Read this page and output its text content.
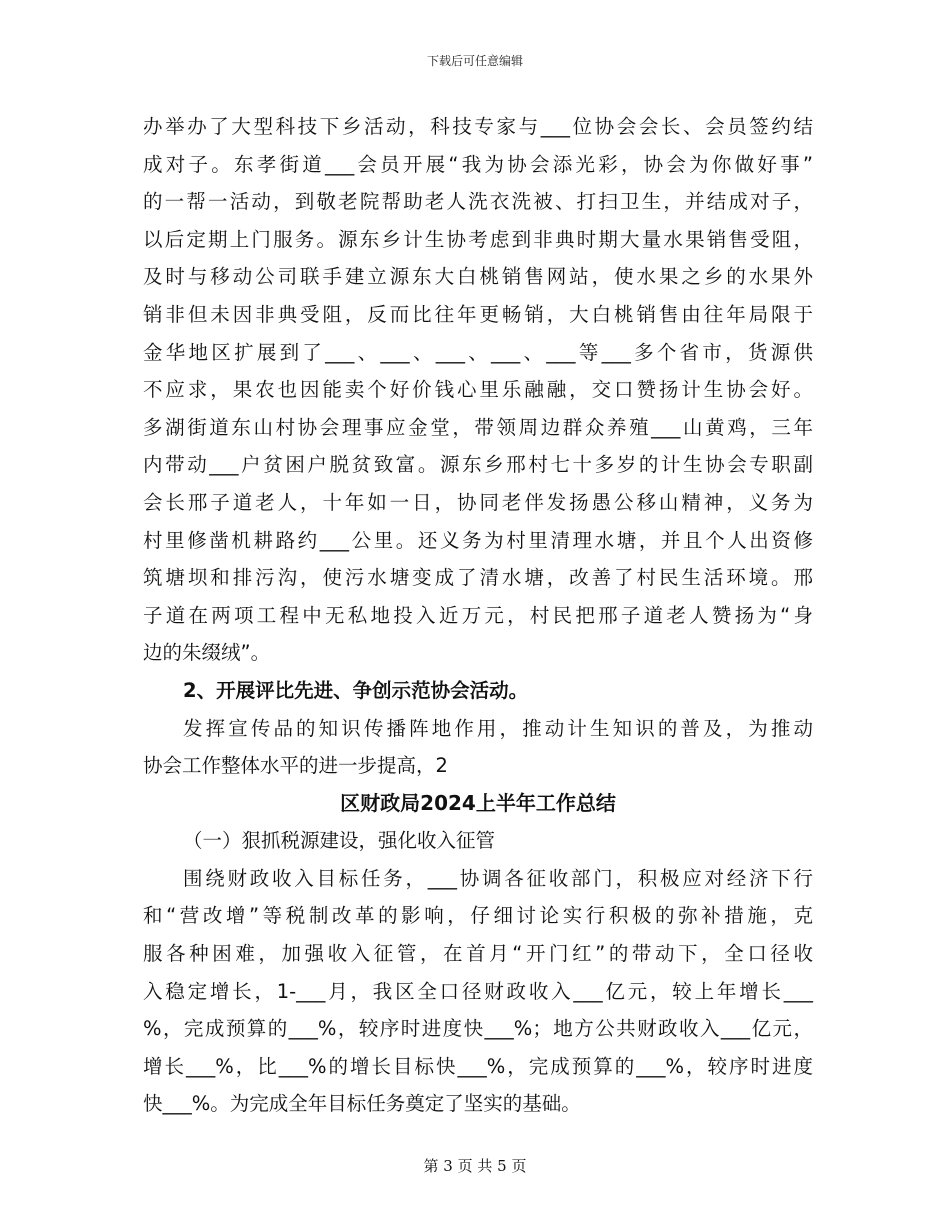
下载后可任意编辑
办举办了大型科技下乡活动，科技专家与___位协会会长、会员签约结
成对子。东孝街道___会员开展“我为协会添光彩，协会为你做好事”
的一帮一活动，到敬老院帮助老人洗衣洗被、打扫卫生，并结成对子，
以后定期上门服务。源东乡计生协考虑到非典时期大量水果销售受阻，
及时与移动公司联手建立源东大白桃销售网站，使水果之乡的水果外
销非但未因非典受阻，反而比往年更畅销，大白桃销售由往年局限于
金华地区扩展到了___、___、___、___、___等___多个省市，货源供
不应求，果农也因能卖个好价钱心里乐融融，交口赞扬计生协会好。
多湖街道东山村协会理事应金堂，带领周边群众养殖___山黄鸡，三年
内带动___户贫困户脱贫致富。源东乡邢村七十多岁的计生协会专职副
会长邢子道老人，十年如一日，协同老伴发扬愚公移山精神，义务为
村里修凿机耕路约___公里。还义务为村里清理水塘，并且个人出资修
筑塘坝和排污沟，使污水塘变成了清水塘，改善了村民生活环境。邢
子道在两项工程中无私地投入近万元，村民把邢子道老人赞扬为“身
边的朱缀绒”。
2、开展评比先进、争创示范协会活动。
发挥宣传品的知识传播阵地作用，推动计生知识的普及，为推动
协会工作整体水平的进一步提高，2
区财政局2024上半年工作总结
（一）狠抓税源建设，强化收入征管
围绕财政收入目标任务，___协调各征收部门，积极应对经济下行
和“营改增”等税制改革的影响，仔细讨论实行积极的弥补措施，克
服各种困难，加强收入征管，在首月“开门红”的带动下，全口径收
入稳定增长，1-___月，我区全口径财政收入___亿元，较上年增长___
%，完成预算的___%，较序时进度快___%；地方公共财政收入___亿元，
增长___%，比___%的增长目标快___%，完成预算的___%，较序时进度
快___%。为完成全年目标任务奠定了坚实的基础。
第 3 页 共 5 页
